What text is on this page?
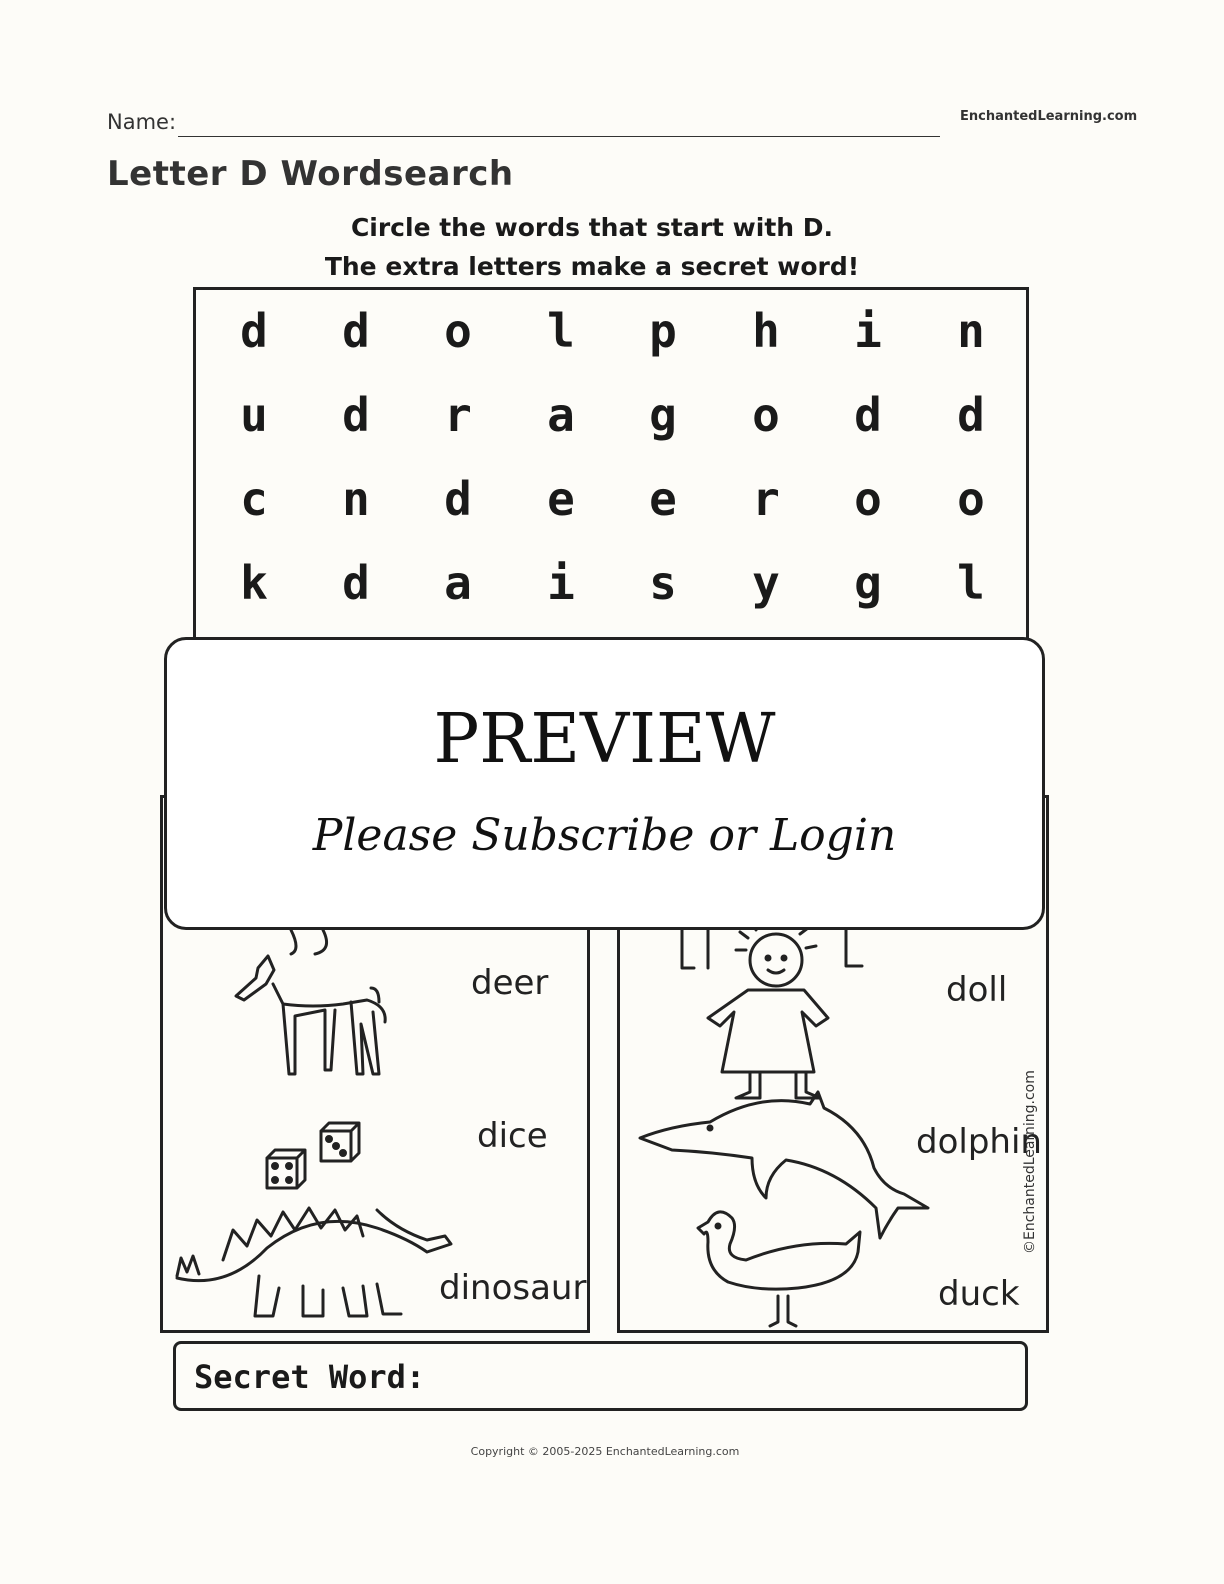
Name:	EnchantedLearning.com
Letter D Wordsearch
Circle the words that start with D.
The extra letters make a secret word!
d	d	o	l	p	h	i	n
u	d	r	a	g	o	d	d
c	n	d	e	e	r	o	o
k	d	a	i	s	y	g	l
deer
dice
dinosaur
doll
dolphin
duck
©EnchantedLearning.com
PREVIEW
Please Subscribe or Login
Secret Word:
Copyright © 2005-2025 EnchantedLearning.com
